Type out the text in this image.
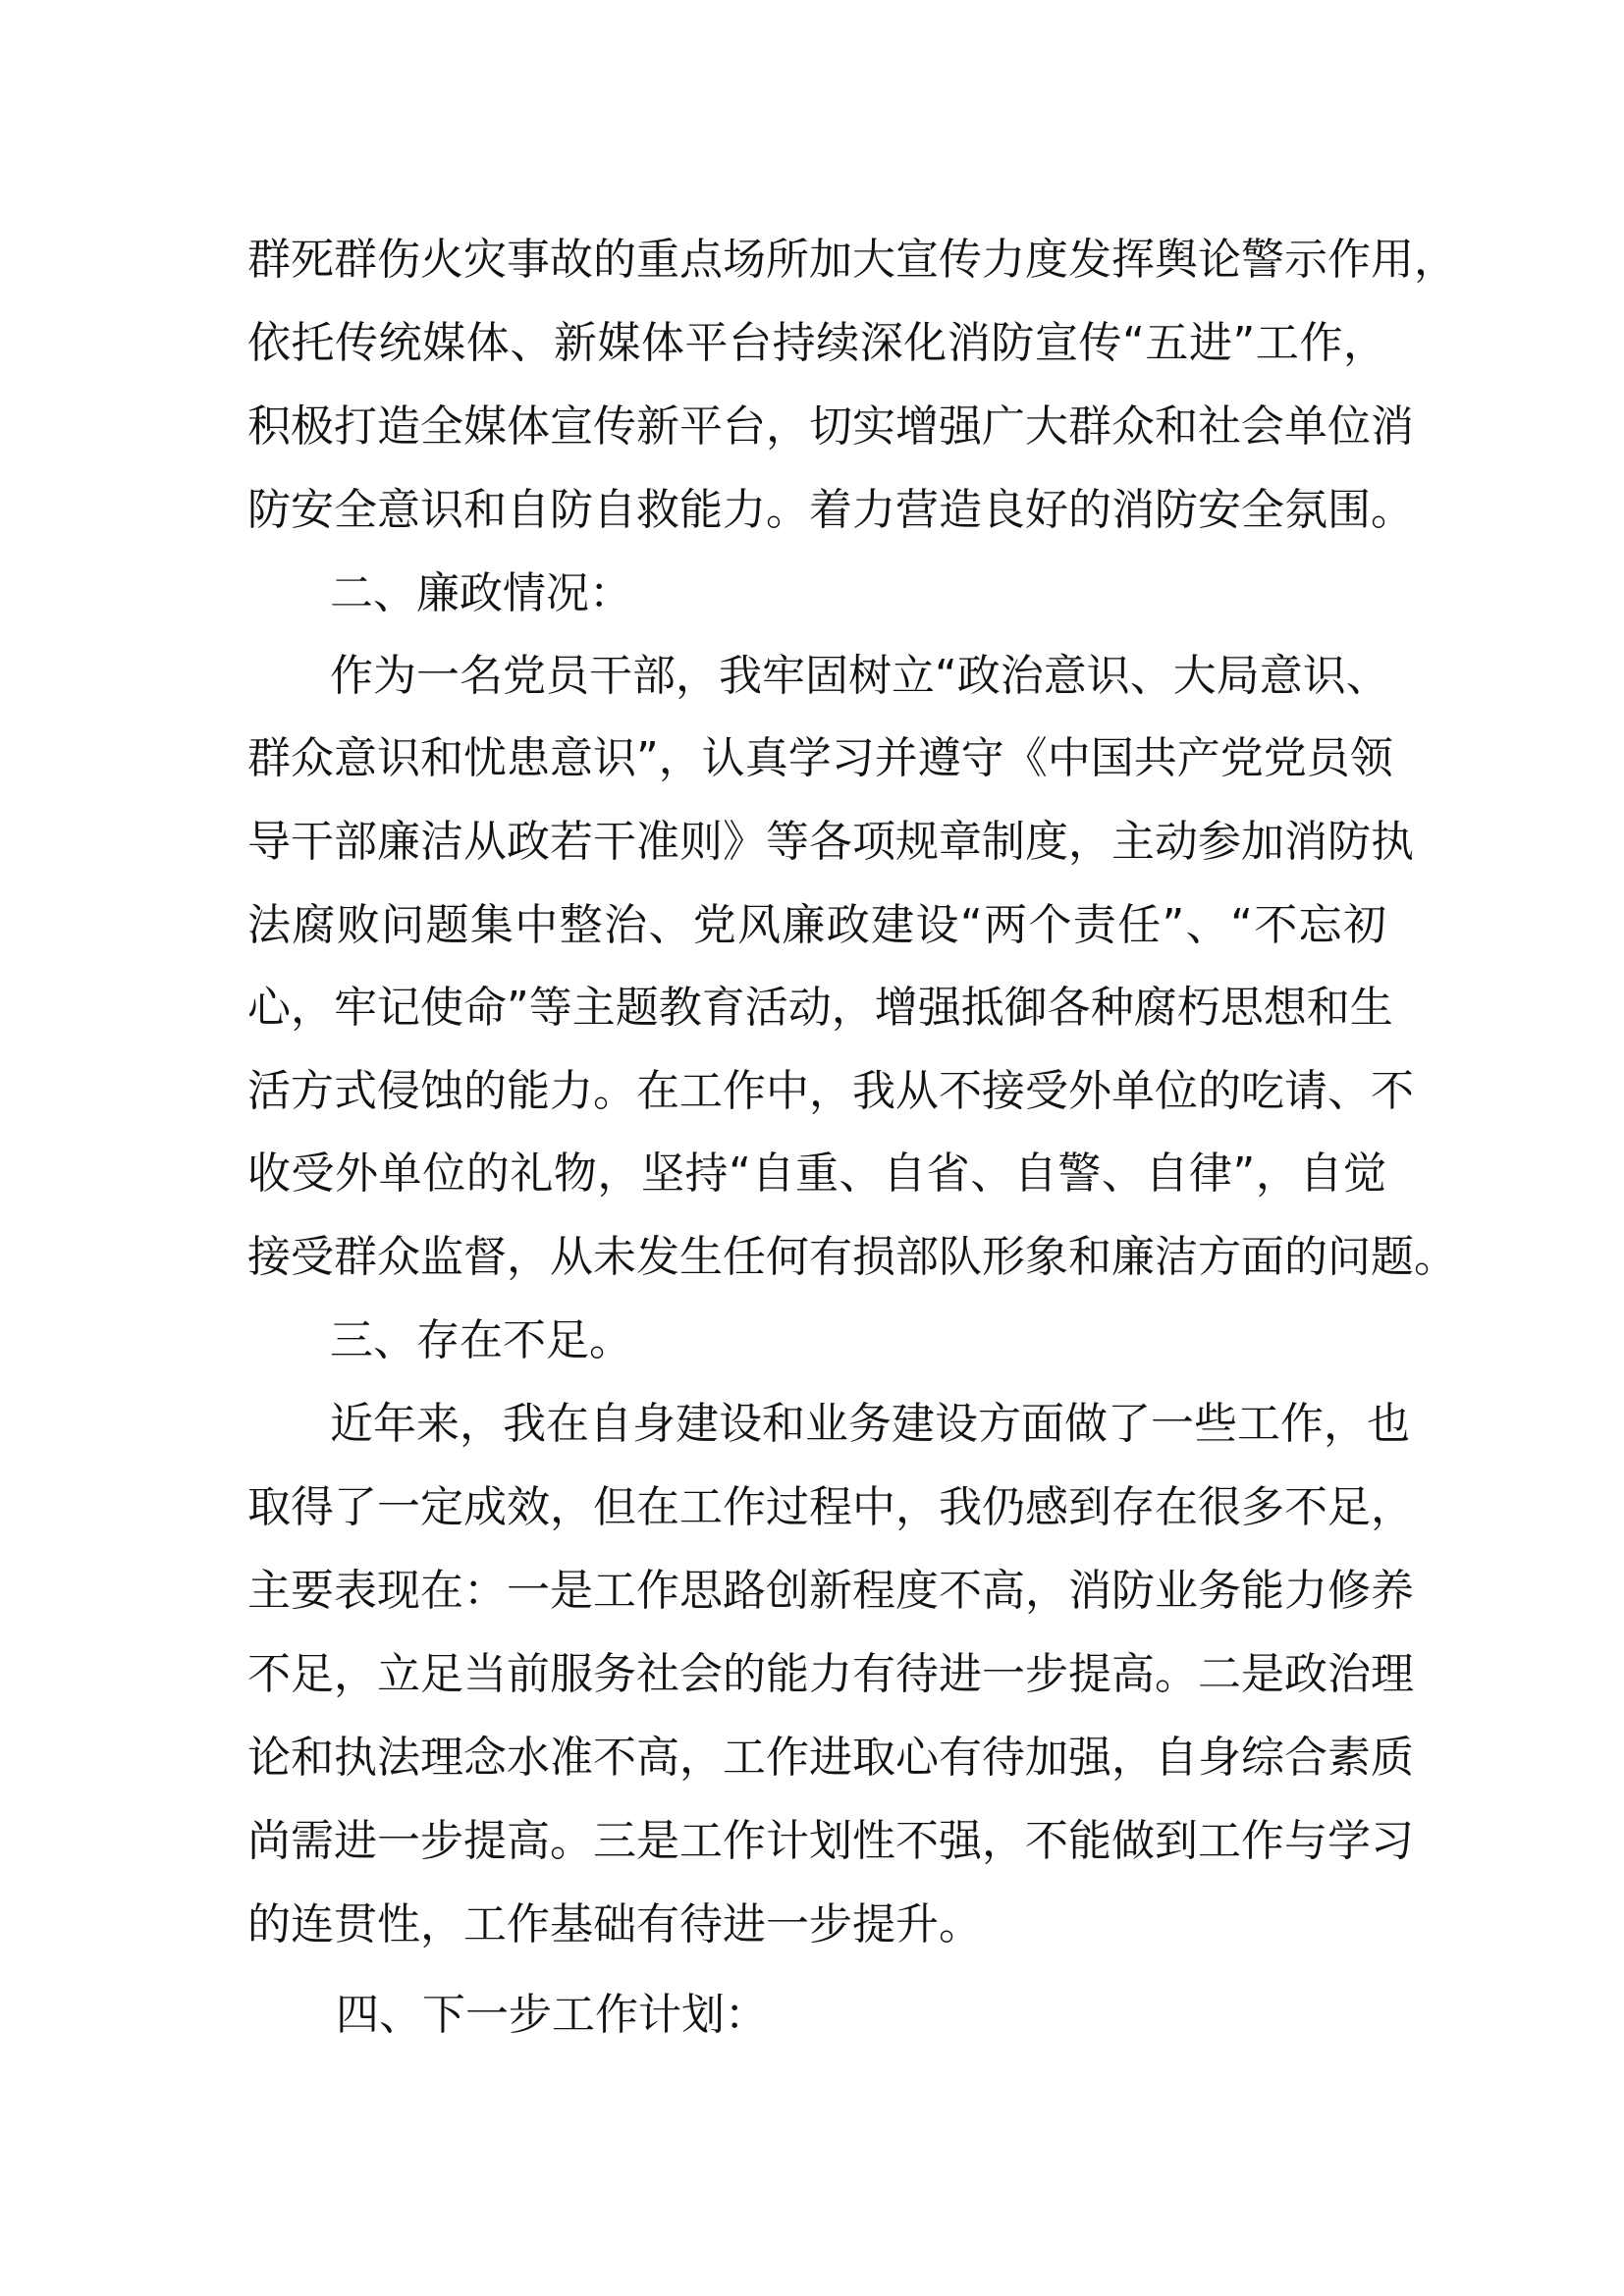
群死群伤火灾事故的重点场所加大宣传力度发挥舆论警示作用，
依托传统媒体、新媒体平台持续深化消防宣传“五进”工作，
积极打造全媒体宣传新平台，切实增强广大群众和社会单位消
防安全意识和自防自救能力。着力营造良好的消防安全氛围。
二、廉政情况：
作为一名党员干部，我牢固树立“政治意识、大局意识、
群众意识和忧患意识”，认真学习并遵守《中国共产党党员领
导干部廉洁从政若干准则》等各项规章制度，主动参加消防执
法腐败问题集中整治、党风廉政建设“两个责任”、“不忘初
心，牢记使命”等主题教育活动，增强抵御各种腐朽思想和生
活方式侵蚀的能力。在工作中，我从不接受外单位的吃请、不
收受外单位的礼物，坚持“自重、自省、自警、自律”，自觉
接受群众监督，从未发生任何有损部队形象和廉洁方面的问题。
三、存在不足。
近年来，我在自身建设和业务建设方面做了一些工作，也
取得了一定成效，但在工作过程中，我仍感到存在很多不足，
主要表现在：一是工作思路创新程度不高，消防业务能力修养
不足，立足当前服务社会的能力有待进一步提高。二是政治理
论和执法理念水准不高，工作进取心有待加强，自身综合素质
尚需进一步提高。三是工作计划性不强，不能做到工作与学习
的连贯性，工作基础有待进一步提升。
四、下一步工作计划：
